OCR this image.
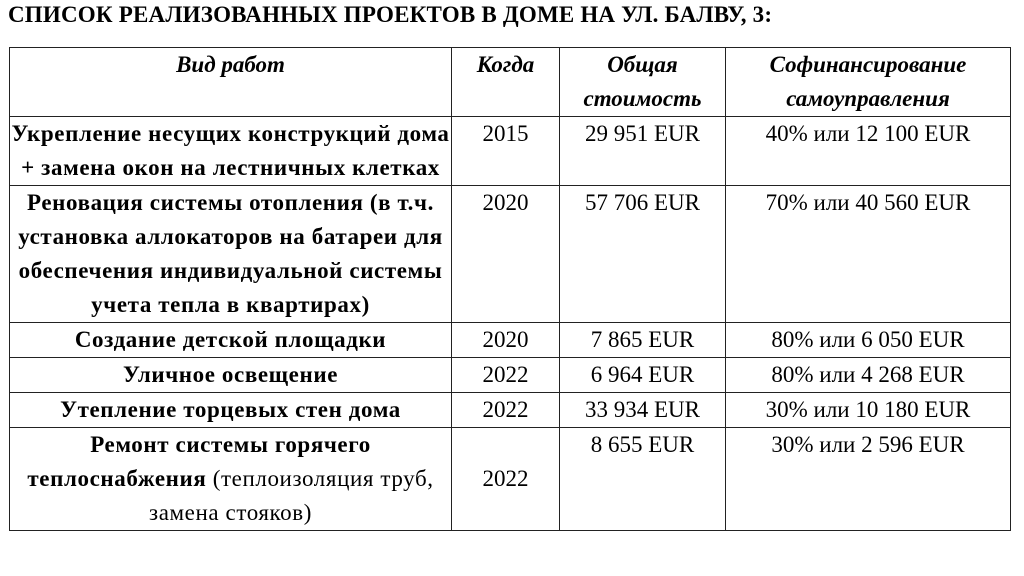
СПИСОК РЕАЛИЗОВАННЫХ ПРОЕКТОВ В ДОМЕ НА УЛ. БАЛВУ, 3:
Вид работ	Когда	Общая стоимость	Софинансирование самоуправления
Укрепление несущих конструкций дома + замена окон на лестничных клетках	2015	29 951 EUR	40% или 12 100 EUR
Реновация системы отопления (в т.ч. установка аллокаторов на батареи для обеспечения индивидуальной системы учета тепла в квартирах)	2020	57 706 EUR	70% или 40 560 EUR
Создание детской площадки	2020	7 865 EUR	80% или 6 050 EUR
Уличное освещение	2022	6 964 EUR	80% или 4 268 EUR
Утепление торцевых стен дома	2022	33 934 EUR	30% или 10 180 EUR
Ремонт системы горячего теплоснабжения (теплоизоляция труб, замена стояков)	2022	8 655 EUR	30% или 2 596 EUR
